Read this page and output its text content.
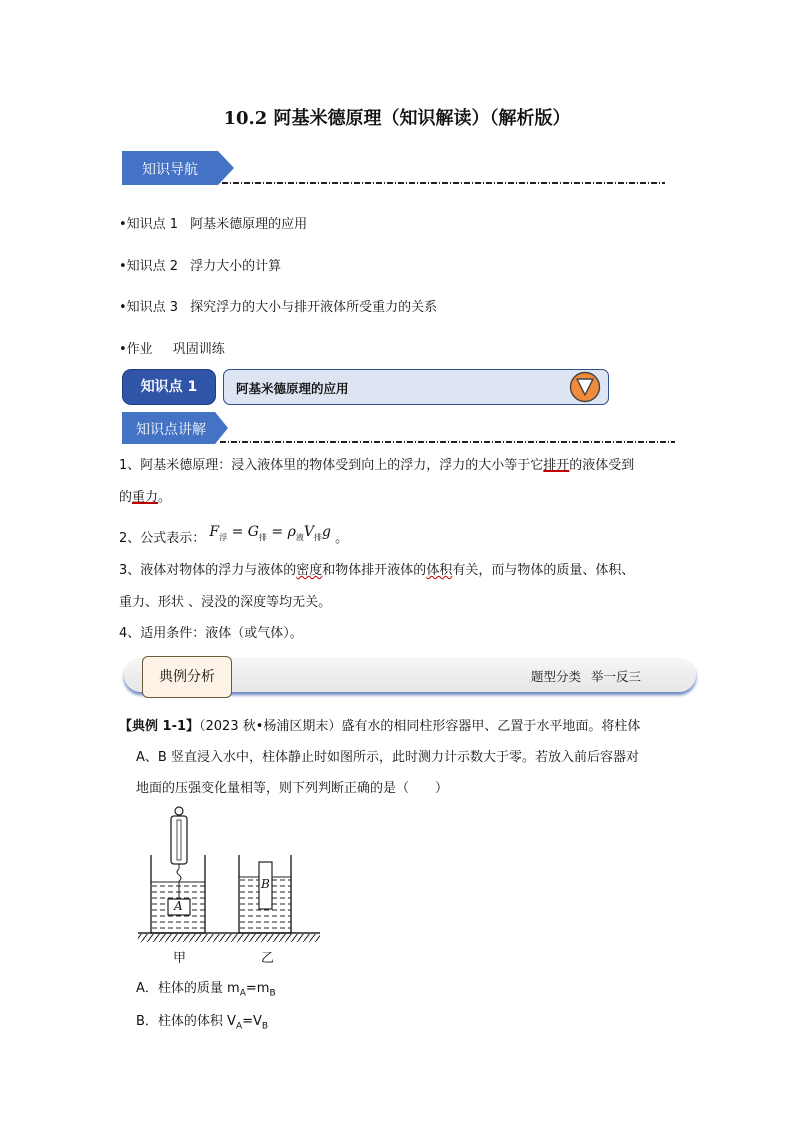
10.2 阿基米德原理（知识解读）（解析版）
知识导航
•知识点 1 阿基米德原理的应用
•知识点 2 浮力大小的计算
•知识点 3 探究浮力的大小与排开液体所受重力的关系
•作业 巩固训练
知识点 1	阿基米德原理的应用
知识点讲解
1、阿基米德原理：浸入液体里的物体受到向上的浮力，浮力的大小等于它排开的液体受到
的重力。
2、公式表示： $F_浮 = G_排 = \rho_液V_排g$ 。
3、液体对物体的浮力与液体的密度和物体排开液体的体积有关，而与物体的质量、体积、
重力、形状 、浸没的深度等均无关。
4、适用条件：液体（或气体）。
典例分析	题型分类 举一反三
【典例 1-1】（2023 秋•杨浦区期末）盛有水的相同柱形容器甲、乙置于水平地面。将柱体
A、B 竖直浸入水中，柱体静止时如图所示，此时测力计示数大于零。若放入前后容器对
地面的压强变化量相等，则下列判断正确的是（　　）
A
B
甲	乙
A．柱体的质量 $m_A=m_B$
B．柱体的体积 $V_A=V_B$
